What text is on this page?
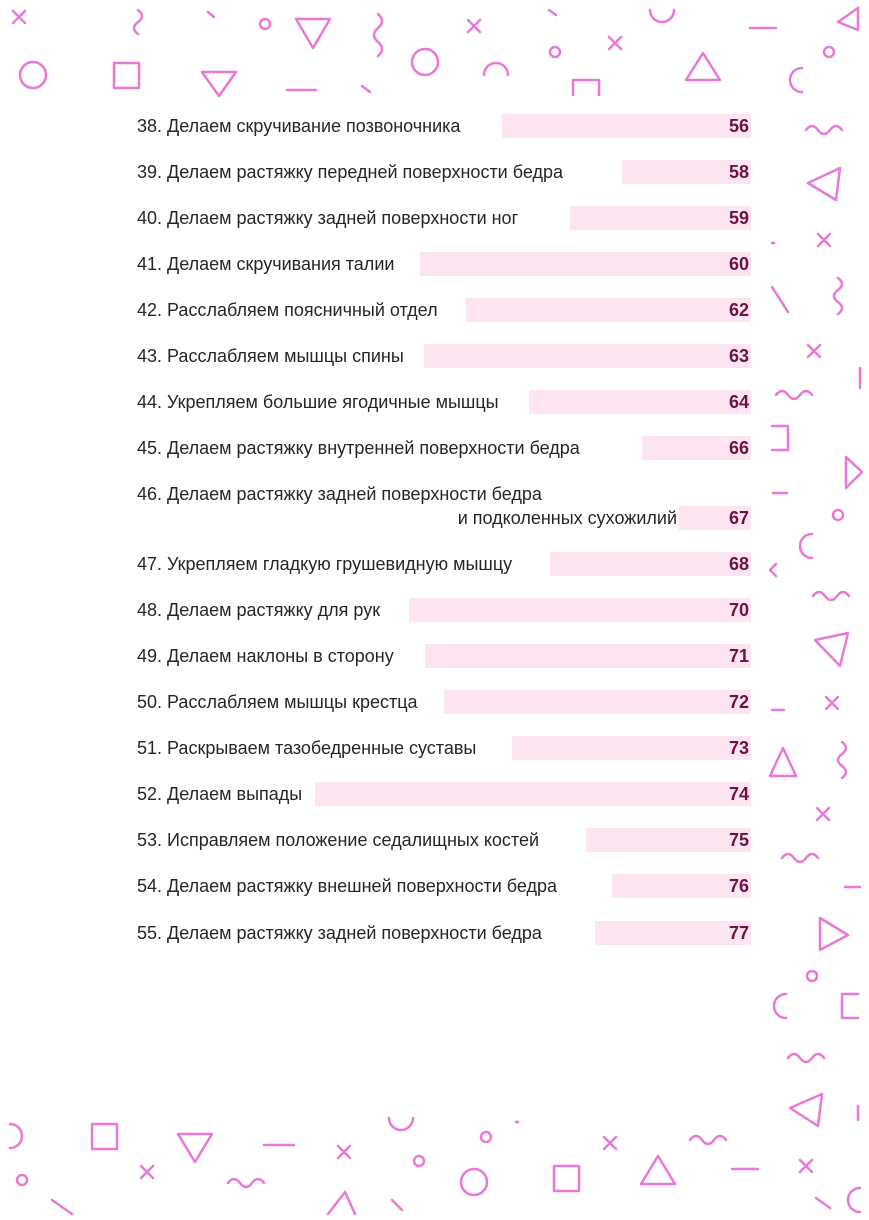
38. Делаем скручивание позвоночника	56
39. Делаем растяжку передней поверхности бедра	58
40. Делаем растяжку задней поверхности ног	59
41. Делаем скручивания талии	60
42. Расслабляем поясничный отдел	62
43. Расслабляем мышцы спины	63
44. Укрепляем большие ягодичные мышцы	64
45. Делаем растяжку внутренней поверхности бедра	66
46. Делаем растяжку задней поверхности бедра
и подколенных сухожилий	67
47. Укрепляем гладкую грушевидную мышцу	68
48. Делаем растяжку для рук	70
49. Делаем наклоны в сторону	71
50. Расслабляем мышцы крестца	72
51. Раскрываем тазобедренные суставы	73
52. Делаем выпады	74
53. Исправляем положение седалищных костей	75
54. Делаем растяжку внешней поверхности бедра	76
55. Делаем растяжку задней поверхности бедра	77
